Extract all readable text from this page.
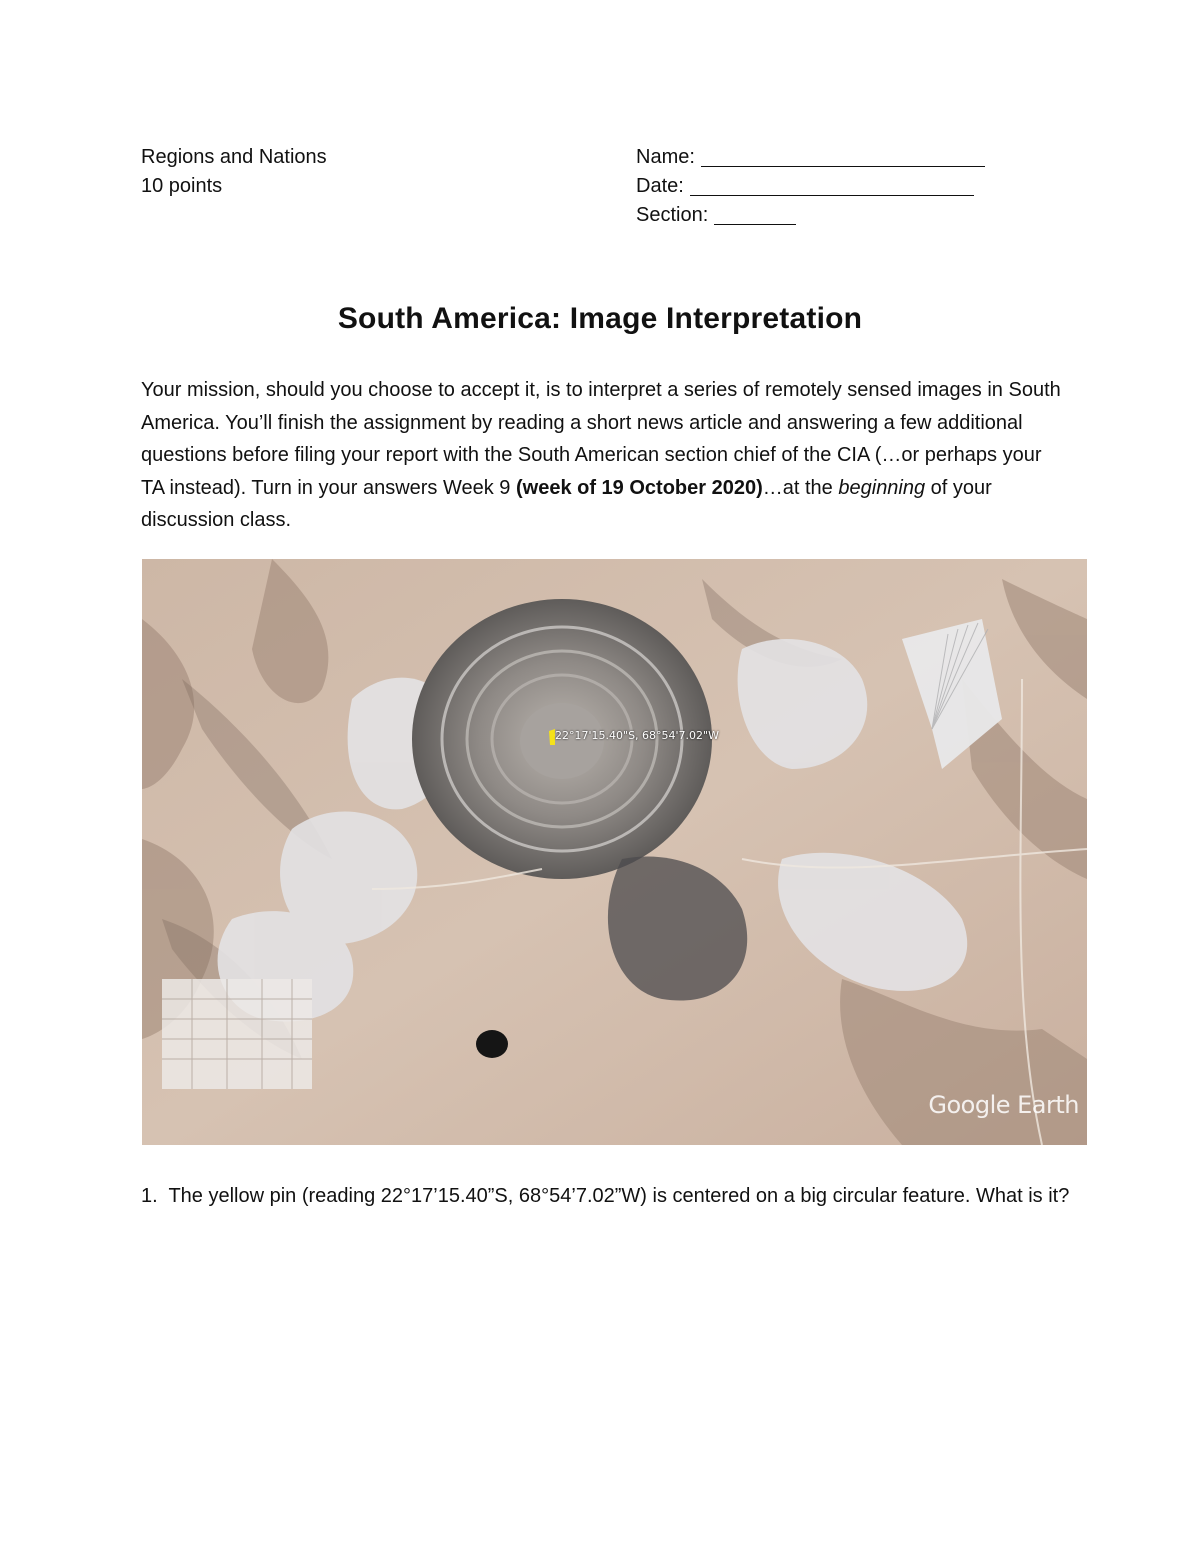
Regions and Nations
10 points
Name:
Date:
Section:
South America: Image Interpretation
Your mission, should you choose to accept it, is to interpret a series of remotely sensed images in South America. You’ll finish the assignment by reading a short news article and answering a few additional questions before filing your report with the South American section chief of the CIA (…or perhaps your TA instead). Turn in your answers Week 9 (week of 19 October 2020)…at the beginning of your discussion class.
22°17'15.40"S, 68°54'7.02"W
Google Earth
1. The yellow pin (reading 22°17’15.40”S, 68°54’7.02”W) is centered on a big circular feature. What is it?
